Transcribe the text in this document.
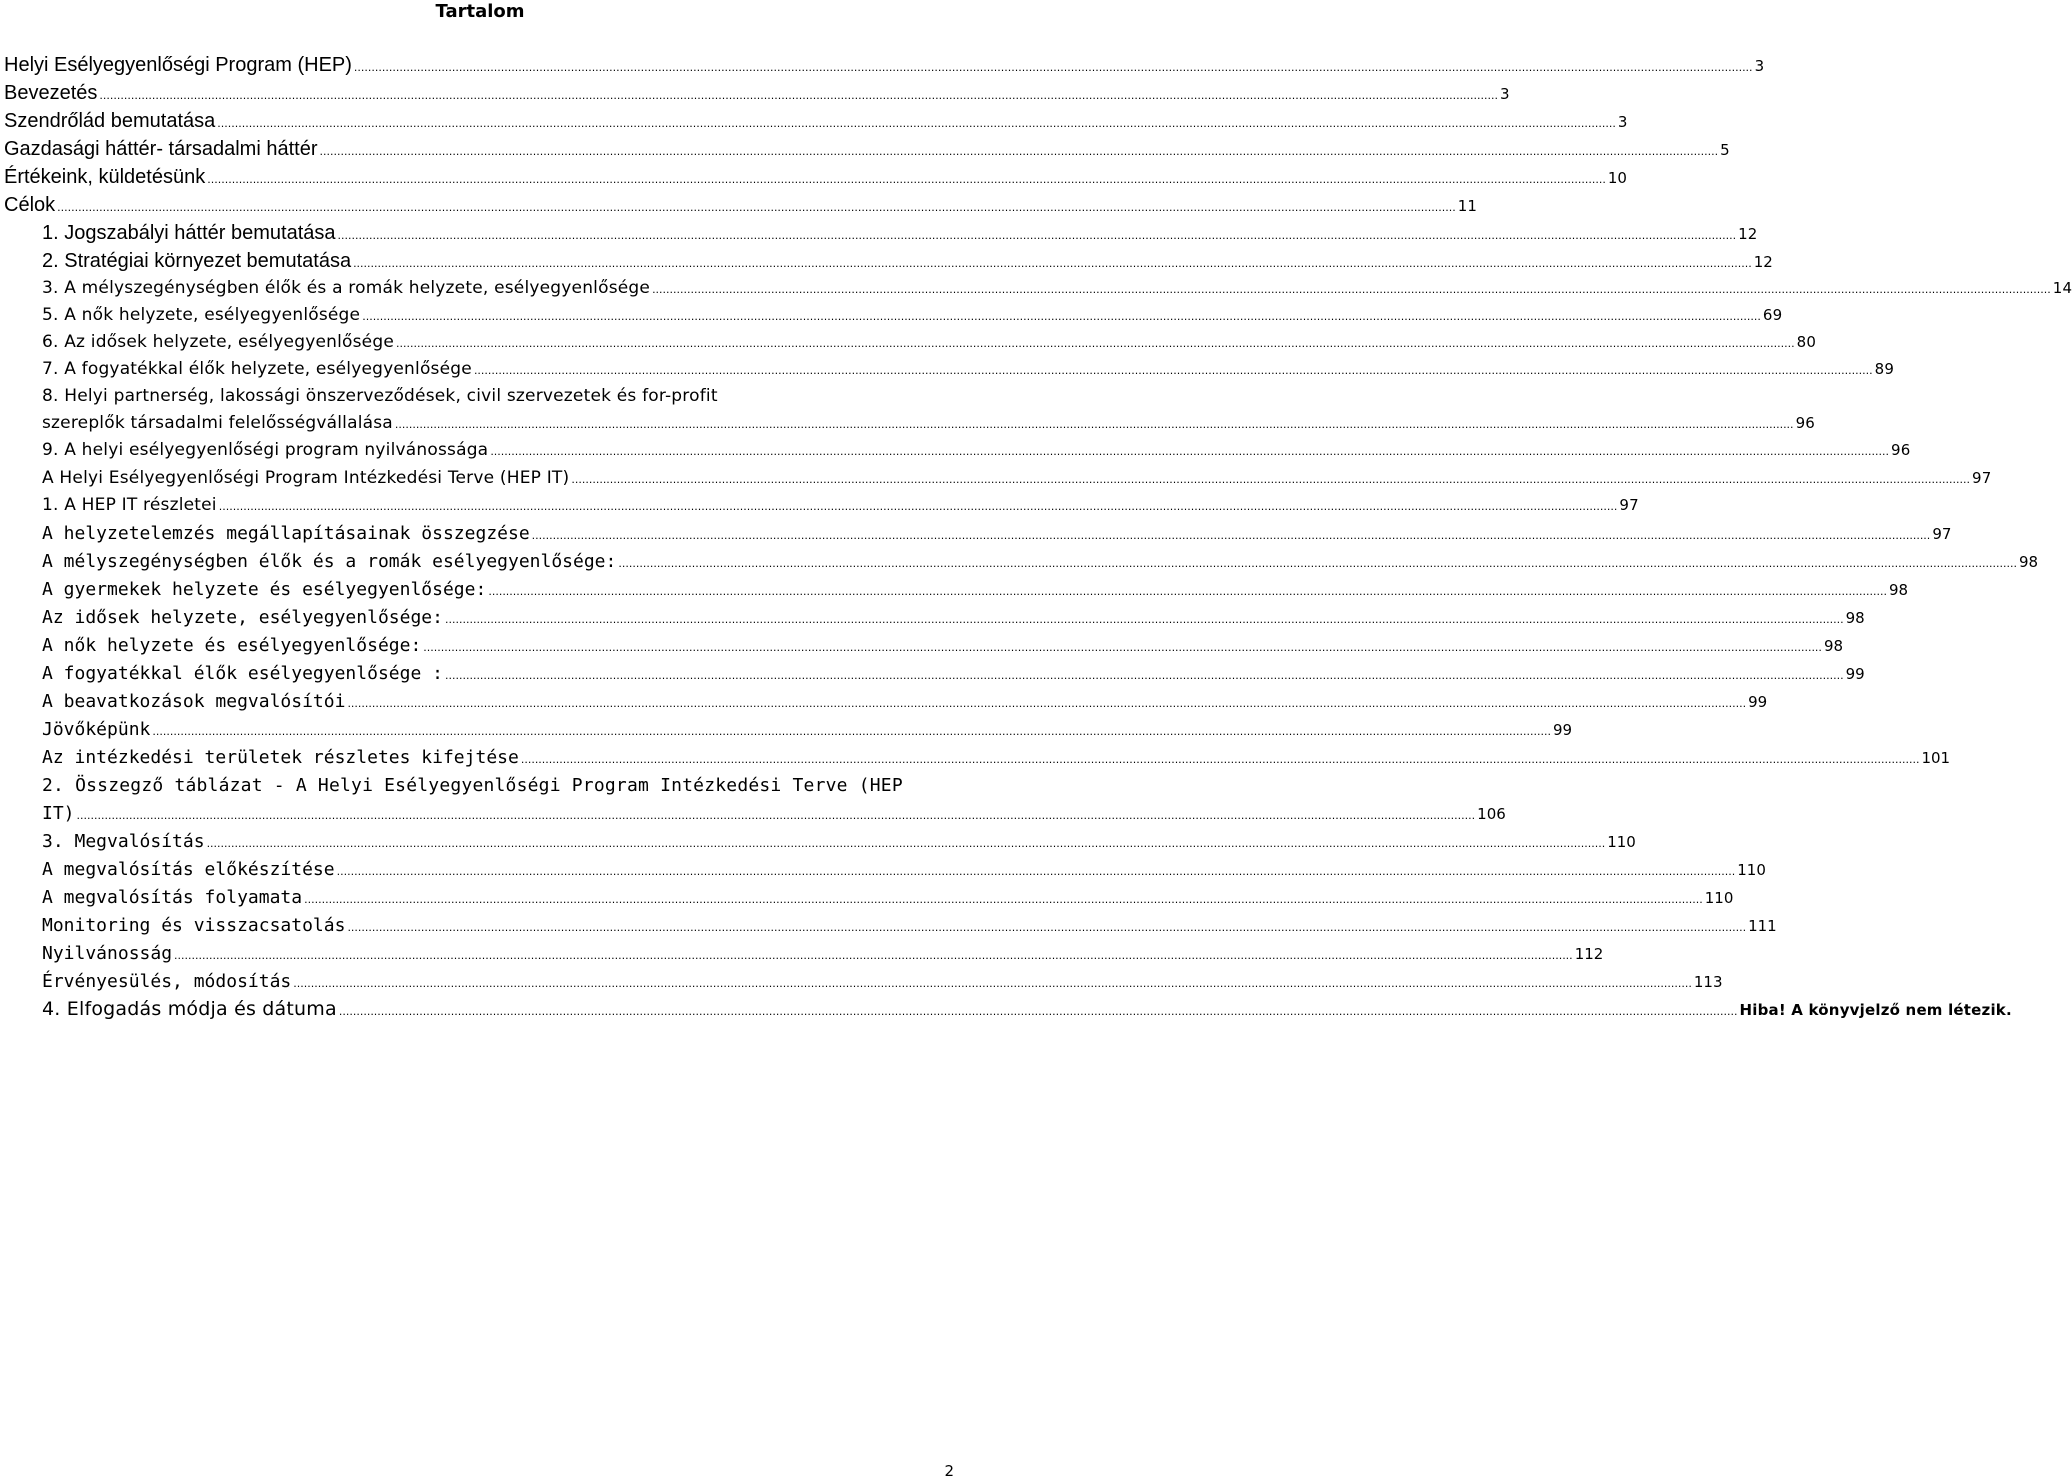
Tartalom
Helyi Esélyegyenlőségi Program (HEP) ................................................................................................................................................................................................................................................................................................................................................................................................................ 3
Bevezetés ................................................................................................................................................................................................................................................................................................................................................................................................................ 3
Szendrőlád bemutatása ................................................................................................................................................................................................................................................................................................................................................................................................................ 3
Gazdasági háttér- társadalmi háttér ................................................................................................................................................................................................................................................................................................................................................................................................................ 5
Értékeink, küldetésünk ................................................................................................................................................................................................................................................................................................................................................................................................................ 10
Célok ................................................................................................................................................................................................................................................................................................................................................................................................................ 11
1. Jogszabályi háttér bemutatása ................................................................................................................................................................................................................................................................................................................................................................................................................ 12
2. Stratégiai környezet bemutatása ................................................................................................................................................................................................................................................................................................................................................................................................................ 12
3. A mélyszegénységben élők és a romák helyzete, esélyegyenlősége ................................................................................................................................................................................................................................................................................................................................................................................................................ 14
5. A nők helyzete, esélyegyenlősége ................................................................................................................................................................................................................................................................................................................................................................................................................ 69
6. Az idősek helyzete, esélyegyenlősége ................................................................................................................................................................................................................................................................................................................................................................................................................ 80
7. A fogyatékkal élők helyzete, esélyegyenlősége ................................................................................................................................................................................................................................................................................................................................................................................................................ 89
8. Helyi partnerség, lakossági önszerveződések, civil szervezetek és for-profit
szereplők társadalmi felelősségvállalása ................................................................................................................................................................................................................................................................................................................................................................................................................ 96
9. A helyi esélyegyenlőségi program nyilvánossága ................................................................................................................................................................................................................................................................................................................................................................................................................ 96
A Helyi Esélyegyenlőségi Program Intézkedési Terve (HEP IT) ................................................................................................................................................................................................................................................................................................................................................................................................................ 97
1. A HEP IT részletei ................................................................................................................................................................................................................................................................................................................................................................................................................ 97
A helyzetelemzés megállapításainak összegzése ................................................................................................................................................................................................................................................................................................................................................................................................................ 97
A mélyszegénységben élők és a romák esélyegyenlősége: ................................................................................................................................................................................................................................................................................................................................................................................................................ 98
A gyermekek helyzete és esélyegyenlősége: ................................................................................................................................................................................................................................................................................................................................................................................................................ 98
Az idősek helyzete, esélyegyenlősége: ................................................................................................................................................................................................................................................................................................................................................................................................................ 98
A nők helyzete és esélyegyenlősége: ................................................................................................................................................................................................................................................................................................................................................................................................................ 98
A fogyatékkal élők esélyegyenlősége : ................................................................................................................................................................................................................................................................................................................................................................................................................ 99
A beavatkozások megvalósítói ................................................................................................................................................................................................................................................................................................................................................................................................................ 99
Jövőképünk ................................................................................................................................................................................................................................................................................................................................................................................................................ 99
Az intézkedési területek részletes kifejtése ................................................................................................................................................................................................................................................................................................................................................................................................................ 101
2. Összegző táblázat - A Helyi Esélyegyenlőségi Program Intézkedési Terve (HEP
IT) ................................................................................................................................................................................................................................................................................................................................................................................................................ 106
3. Megvalósítás ................................................................................................................................................................................................................................................................................................................................................................................................................ 110
A megvalósítás előkészítése ................................................................................................................................................................................................................................................................................................................................................................................................................ 110
A megvalósítás folyamata ................................................................................................................................................................................................................................................................................................................................................................................................................ 110
Monitoring és visszacsatolás ................................................................................................................................................................................................................................................................................................................................................................................................................ 111
Nyilvánosság ................................................................................................................................................................................................................................................................................................................................................................................................................ 112
Érvényesülés, módosítás ................................................................................................................................................................................................................................................................................................................................................................................................................ 113
4. Elfogadás módja és dátuma ................................................................................................................................................................................................................................................................................................................................................................................................................ Hiba! A könyvjelző nem létezik.
2
